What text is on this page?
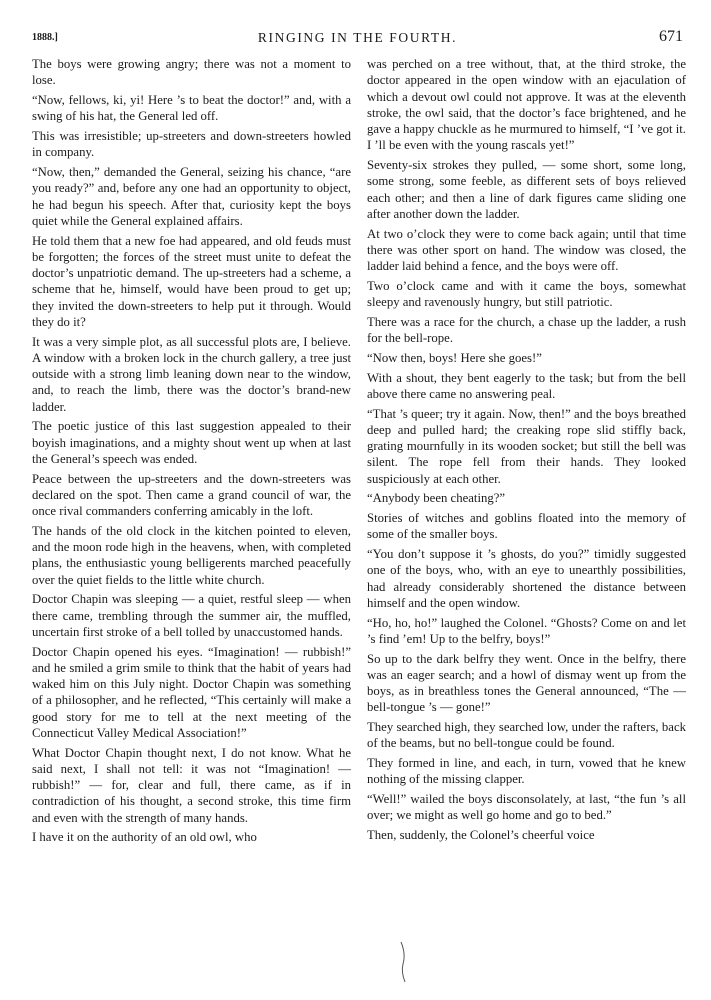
1888.]	RINGING IN THE FOURTH.	671

The boys were growing angry; there was not a moment to lose.

“Now, fellows, ki, yi! Here ’s to beat the doctor!” and, with a swing of his hat, the General led off.

This was irresistible; up-streeters and down-streeters howled in company.

“Now, then,” demanded the General, seizing his chance, “are you ready?” and, before any one had an opportunity to object, he had begun his speech. After that, curiosity kept the boys quiet while the General explained affairs.

He told them that a new foe had appeared, and old feuds must be forgotten; the forces of the street must unite to defeat the doctor’s unpatriotic demand. The up-streeters had a scheme, a scheme that he, himself, would have been proud to get up; they invited the down-streeters to help put it through. Would they do it?

It was a very simple plot, as all successful plots are, I believe. A window with a broken lock in the church gallery, a tree just outside with a strong limb leaning down near to the window, and, to reach the limb, there was the doctor’s brand-new ladder.

The poetic justice of this last suggestion appealed to their boyish imaginations, and a mighty shout went up when at last the General’s speech was ended.

Peace between the up-streeters and the down-streeters was declared on the spot. Then came a grand council of war, the once rival commanders conferring amicably in the loft.

The hands of the old clock in the kitchen pointed to eleven, and the moon rode high in the heavens, when, with completed plans, the enthusiastic young belligerents marched peacefully over the quiet fields to the little white church.

Doctor Chapin was sleeping — a quiet, restful sleep — when there came, trembling through the summer air, the muffled, uncertain first stroke of a bell tolled by unaccustomed hands.

Doctor Chapin opened his eyes. “Imagination! — rubbish!” and he smiled a grim smile to think that the habit of years had waked him on this July night. Doctor Chapin was something of a philosopher, and he reflected, “This certainly will make a good story for me to tell at the next meeting of the Connecticut Valley Medical Association!”

What Doctor Chapin thought next, I do not know. What he said next, I shall not tell: it was not “Imagination! — rubbish!” — for, clear and full, there came, as if in contradiction of his thought, a second stroke, this time firm and even with the strength of many hands.

I have it on the authority of an old owl, who

was perched on a tree without, that, at the third stroke, the doctor appeared in the open window with an ejaculation of which a devout owl could not approve. It was at the eleventh stroke, the owl said, that the doctor’s face brightened, and he gave a happy chuckle as he murmured to himself, “I ’ve got it. I ’ll be even with the young rascals yet!”

Seventy-six strokes they pulled, — some short, some long, some strong, some feeble, as different sets of boys relieved each other; and then a line of dark figures came sliding one after another down the ladder.

At two o’clock they were to come back again; until that time there was other sport on hand. The window was closed, the ladder laid behind a fence, and the boys were off.

Two o’clock came and with it came the boys, somewhat sleepy and ravenously hungry, but still patriotic.

There was a race for the church, a chase up the ladder, a rush for the bell-rope.

“Now then, boys! Here she goes!”

With a shout, they bent eagerly to the task; but from the bell above there came no answering peal.

“That ’s queer; try it again. Now, then!” and the boys breathed deep and pulled hard; the creaking rope slid stiffly back, grating mournfully in its wooden socket; but still the bell was silent. The rope fell from their hands. They looked suspiciously at each other.

“Anybody been cheating?”

Stories of witches and goblins floated into the memory of some of the smaller boys.

“You don’t suppose it ’s ghosts, do you?” timidly suggested one of the boys, who, with an eye to unearthly possibilities, had already considerably shortened the distance between himself and the open window.

“Ho, ho, ho!” laughed the Colonel. “Ghosts? Come on and let ’s find ’em! Up to the belfry, boys!”

So up to the dark belfry they went. Once in the belfry, there was an eager search; and a howl of dismay went up from the boys, as in breathless tones the General announced, “The — bell-tongue ’s — gone!”

They searched high, they searched low, under the rafters, back of the beams, but no bell-tongue could be found.

They formed in line, and each, in turn, vowed that he knew nothing of the missing clapper.

“Well!” wailed the boys disconsolately, at last, “the fun ’s all over; we might as well go home and go to bed.”

Then, suddenly, the Colonel’s cheerful voice
